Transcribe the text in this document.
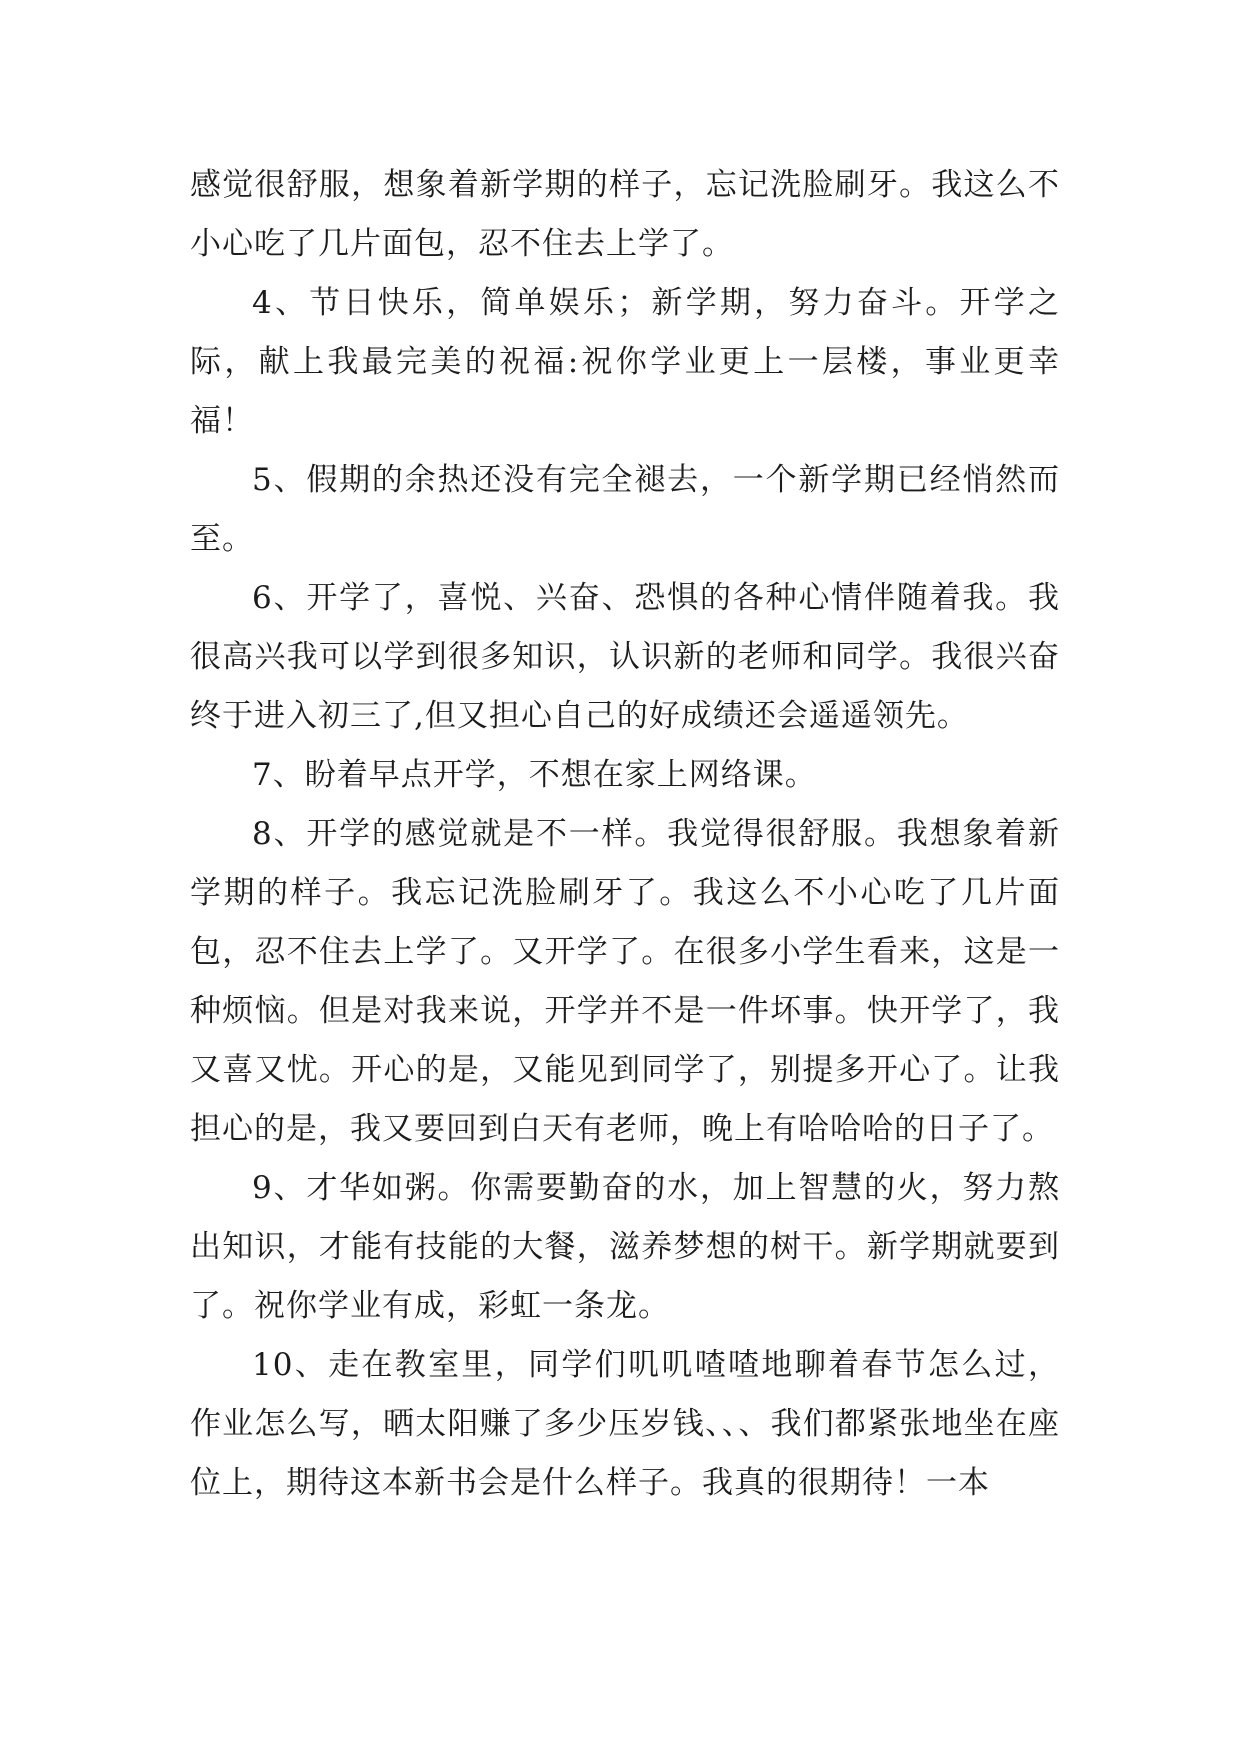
感觉很舒服，想象着新学期的样子，忘记洗脸刷牙。我这么不小心吃了几片面包，忍不住去上学了。

4、节日快乐，简单娱乐；新学期，努力奋斗。开学之际，献上我最完美的祝福:祝你学业更上一层楼，事业更幸福！

5、假期的余热还没有完全褪去，一个新学期已经悄然而至。

6、开学了，喜悦、兴奋、恐惧的各种心情伴随着我。我很高兴我可以学到很多知识，认识新的老师和同学。我很兴奋终于进入初三了,但又担心自己的好成绩还会遥遥领先。

7、盼着早点开学，不想在家上网络课。

8、开学的感觉就是不一样。我觉得很舒服。我想象着新学期的样子。我忘记洗脸刷牙了。我这么不小心吃了几片面包，忍不住去上学了。又开学了。在很多小学生看来，这是一种烦恼。但是对我来说，开学并不是一件坏事。快开学了，我又喜又忧。开心的是，又能见到同学了，别提多开心了。让我担心的是，我又要回到白天有老师，晚上有哈哈哈的日子了。

9、才华如粥。你需要勤奋的水，加上智慧的火，努力熬出知识，才能有技能的大餐，滋养梦想的树干。新学期就要到了。祝你学业有成，彩虹一条龙。

10、走在教室里，同学们叽叽喳喳地聊着春节怎么过，作业怎么写，晒太阳赚了多少压岁钱、、、我们都紧张地坐在座位上，期待这本新书会是什么样子。我真的很期待！一本
